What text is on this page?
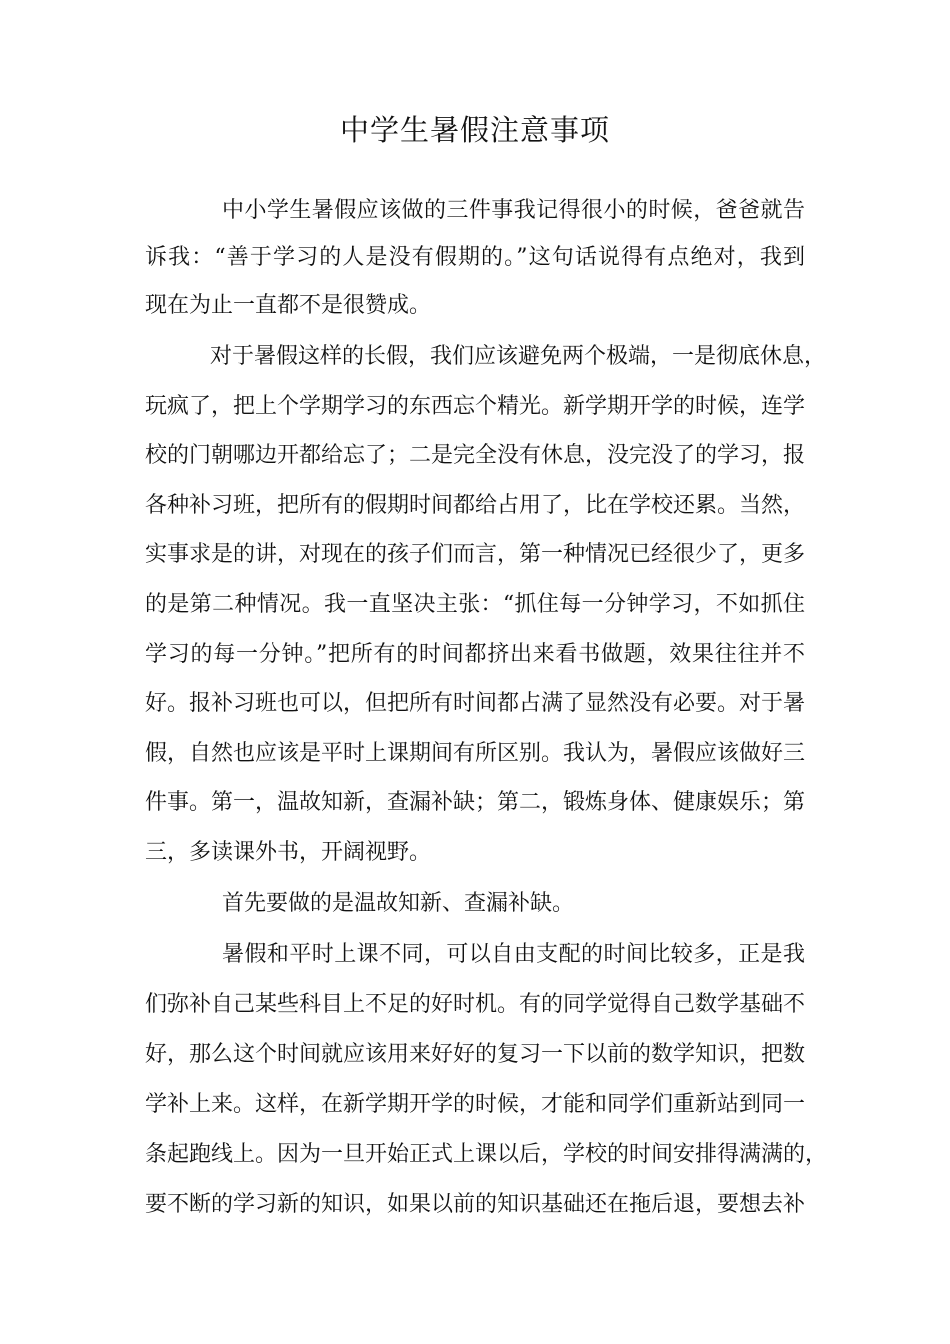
中学生暑假注意事项

中小学生暑假应该做的三件事我记得很小的时候，爸爸就告

诉我：“善于学习的人是没有假期的。”这句话说得有点绝对，我到

现在为止一直都不是很赞成。

对于暑假这样的长假，我们应该避免两个极端，一是彻底休息，

玩疯了，把上个学期学习的东西忘个精光。新学期开学的时候，连学

校的门朝哪边开都给忘了；二是完全没有休息，没完没了的学习，报

各种补习班，把所有的假期时间都给占用了，比在学校还累。当然，

实事求是的讲，对现在的孩子们而言，第一种情况已经很少了，更多

的是第二种情况。我一直坚决主张：“抓住每一分钟学习，不如抓住

学习的每一分钟。”把所有的时间都挤出来看书做题，效果往往并不

好。报补习班也可以，但把所有时间都占满了显然没有必要。对于暑

假，自然也应该是平时上课期间有所区别。我认为，暑假应该做好三

件事。第一，温故知新，查漏补缺；第二，锻炼身体、健康娱乐；第

三，多读课外书，开阔视野。

首先要做的是温故知新、查漏补缺。

暑假和平时上课不同，可以自由支配的时间比较多，正是我

们弥补自己某些科目上不足的好时机。有的同学觉得自己数学基础不

好，那么这个时间就应该用来好好的复习一下以前的数学知识，把数

学补上来。这样，在新学期开学的时候，才能和同学们重新站到同一

条起跑线上。因为一旦开始正式上课以后，学校的时间安排得满满的，

要不断的学习新的知识，如果以前的知识基础还在拖后退，要想去补
